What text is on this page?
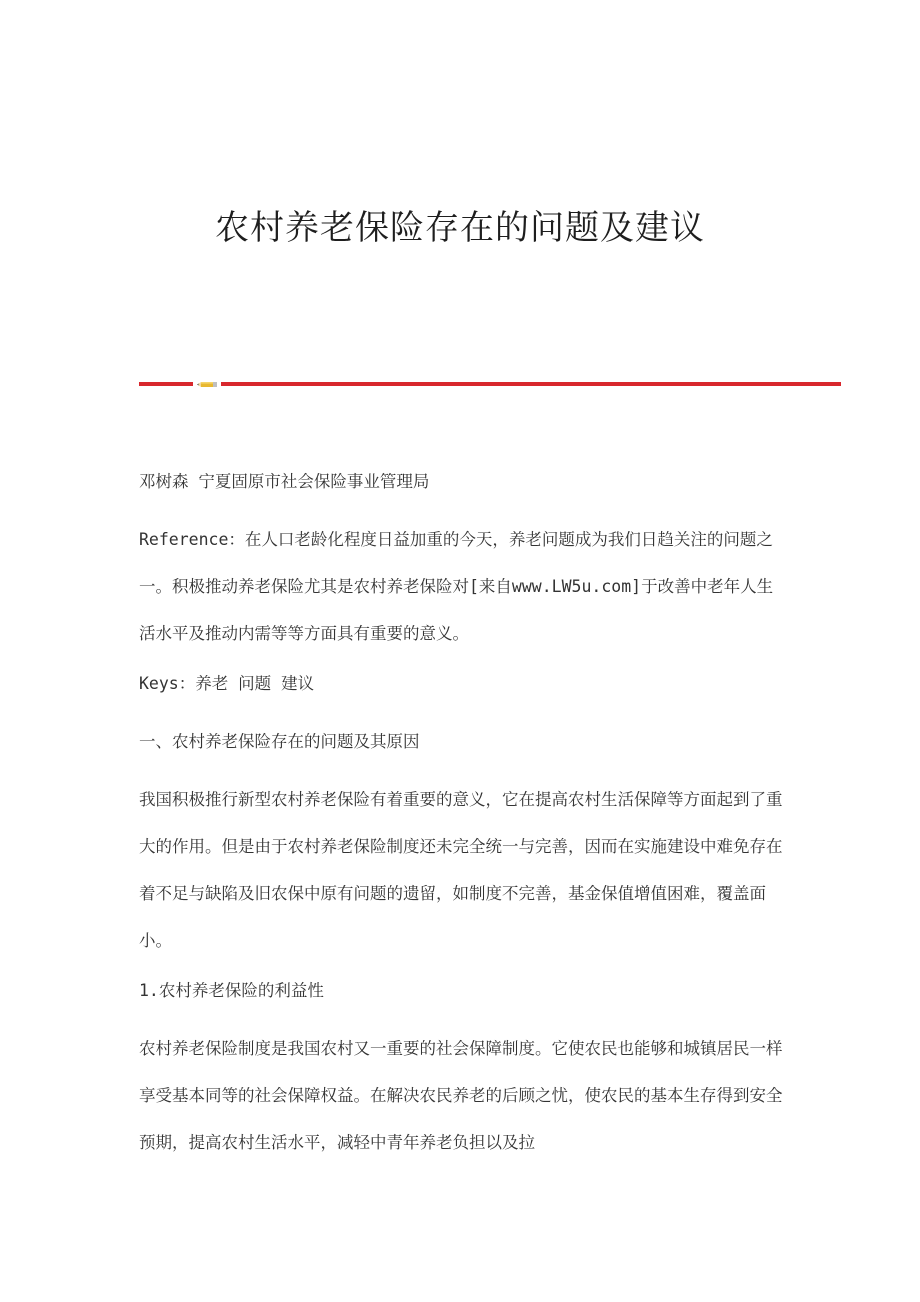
农村养老保险存在的问题及建议

邓树森 宁夏固原市社会保险事业管理局

Reference：在人口老龄化程度日益加重的今天，养老问题成为我们日趋关注的问题之一。积极推动养老保险尤其是农村养老保险对[来自www.LW5u.com]于改善中老年人生活水平及推动内需等等方面具有重要的意义。

Keys：养老 问题 建议

一、农村养老保险存在的问题及其原因

我国积极推行新型农村养老保险有着重要的意义，它在提高农村生活保障等方面起到了重大的作用。但是由于农村养老保险制度还未完全统一与完善，因而在实施建设中难免存在着不足与缺陷及旧农保中原有问题的遗留，如制度不完善，基金保值增值困难，覆盖面小。

1.农村养老保险的利益性

农村养老保险制度是我国农村又一重要的社会保障制度。它使农民也能够和城镇居民一样享受基本同等的社会保障权益。在解决农民养老的后顾之忧，使农民的基本生存得到安全预期，提高农村生活水平，减轻中青年养老负担以及拉
